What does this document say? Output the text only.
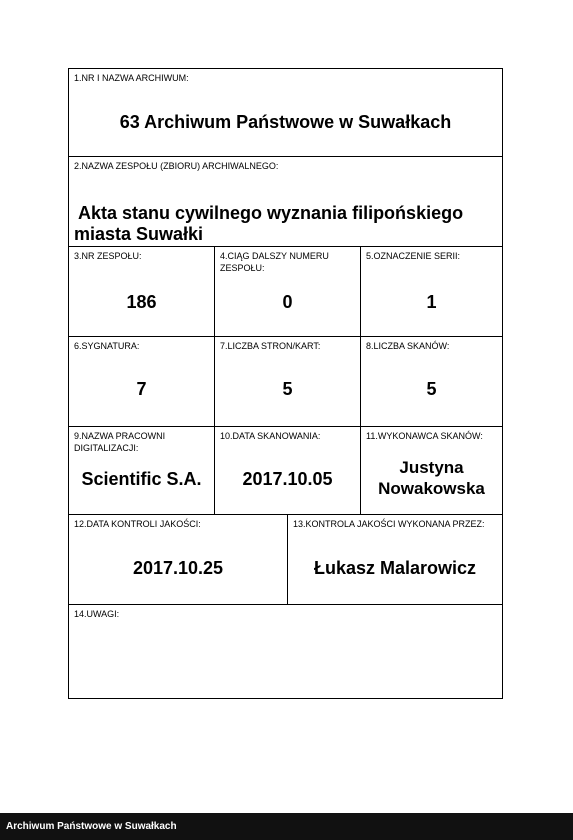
1.NR I NAZWA ARCHIWUM:
63 Archiwum Państwowe w Suwałkach
2.NAZWA ZESPOŁU (ZBIORU) ARCHIWALNEGO:
Akta stanu cywilnego wyznania filipońskiego
miasta Suwałki
3.NR ZESPOŁU:
186
4.CIĄG DALSZY NUMERU ZESPOŁU:
0
5.OZNACZENIE SERII:
1
6.SYGNATURA:
7
7.LICZBA STRON/KART:
5
8.LICZBA SKANÓW:
5
9.NAZWA PRACOWNI DIGITALIZACJI:
Scientific S.A.
10.DATA SKANOWANIA:
2017.10.05
11.WYKONAWCA SKANÓW:
Justyna
Nowakowska
12.DATA KONTROLI JAKOŚCI:
2017.10.25
13.KONTROLA JAKOŚCI WYKONANA PRZEZ:
Łukasz Malarowicz
14.UWAGI:
Archiwum Państwowe w Suwałkach
